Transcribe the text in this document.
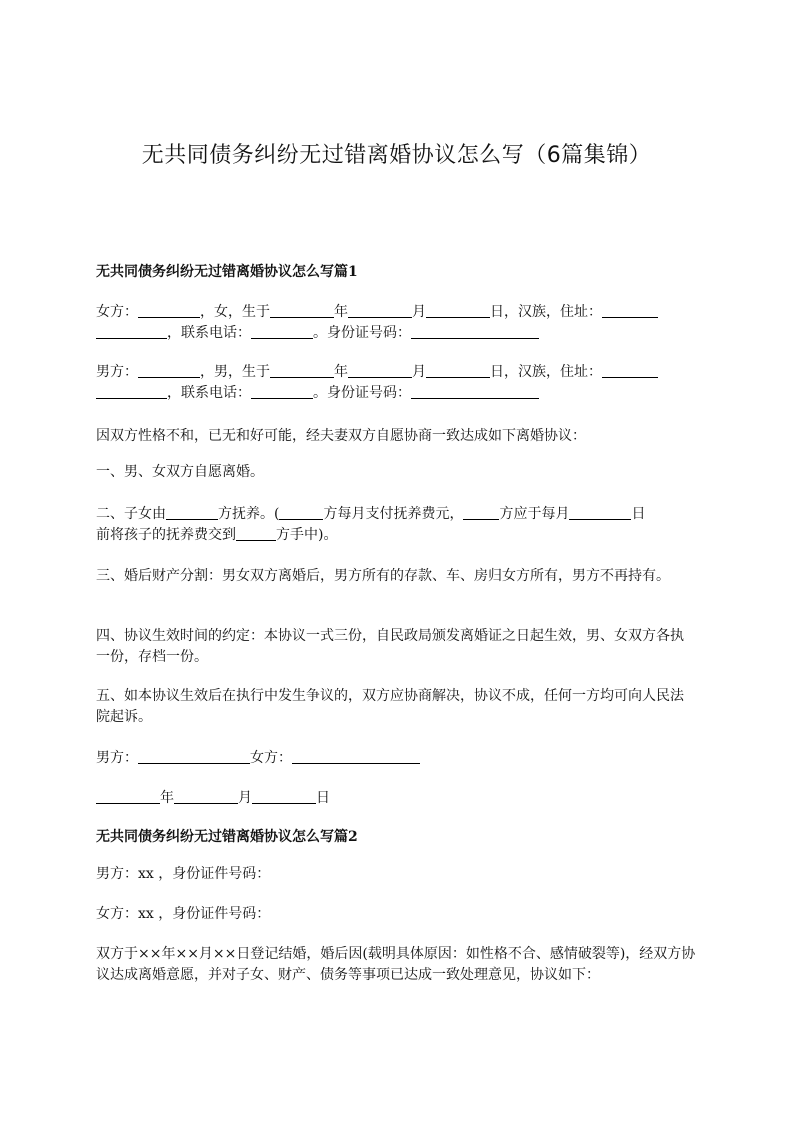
无共同债务纠纷无过错离婚协议怎么写（6篇集锦）
无共同债务纠纷无过错离婚协议怎么写篇1
女方：	，女，生于	年	月	日，汉族，住址：
，联系电话：	。身份证号码：
男方：	，男，生于	年	月	日，汉族，住址：
，联系电话：	。身份证号码：
因双方性格不和，已无和好可能，经夫妻双方自愿协商一致达成如下离婚协议：
一、男、女双方自愿离婚。
二、子女由	方抚养。(	方每月支付抚养费元，	方应于每月	日
前将孩子的抚养费交到	方手中)。
三、婚后财产分割：男女双方离婚后，男方所有的存款、车、房归女方所有，男方不再持有。
四、协议生效时间的约定：本协议一式三份，自民政局颁发离婚证之日起生效，男、女双方各执一份，存档一份。
五、如本协议生效后在执行中发生争议的，双方应协商解决，协议不成，任何一方均可向人民法院起诉。
男方：	女方：
年	月	日
无共同债务纠纷无过错离婚协议怎么写篇2
男方：xx ，身份证件号码：
女方：xx ，身份证件号码：
双方于××年××月××日登记结婚，婚后因(载明具体原因：如性格不合、感情破裂等)，经双方协议达成离婚意愿，并对子女、财产、债务等事项已达成一致处理意见，协议如下：
